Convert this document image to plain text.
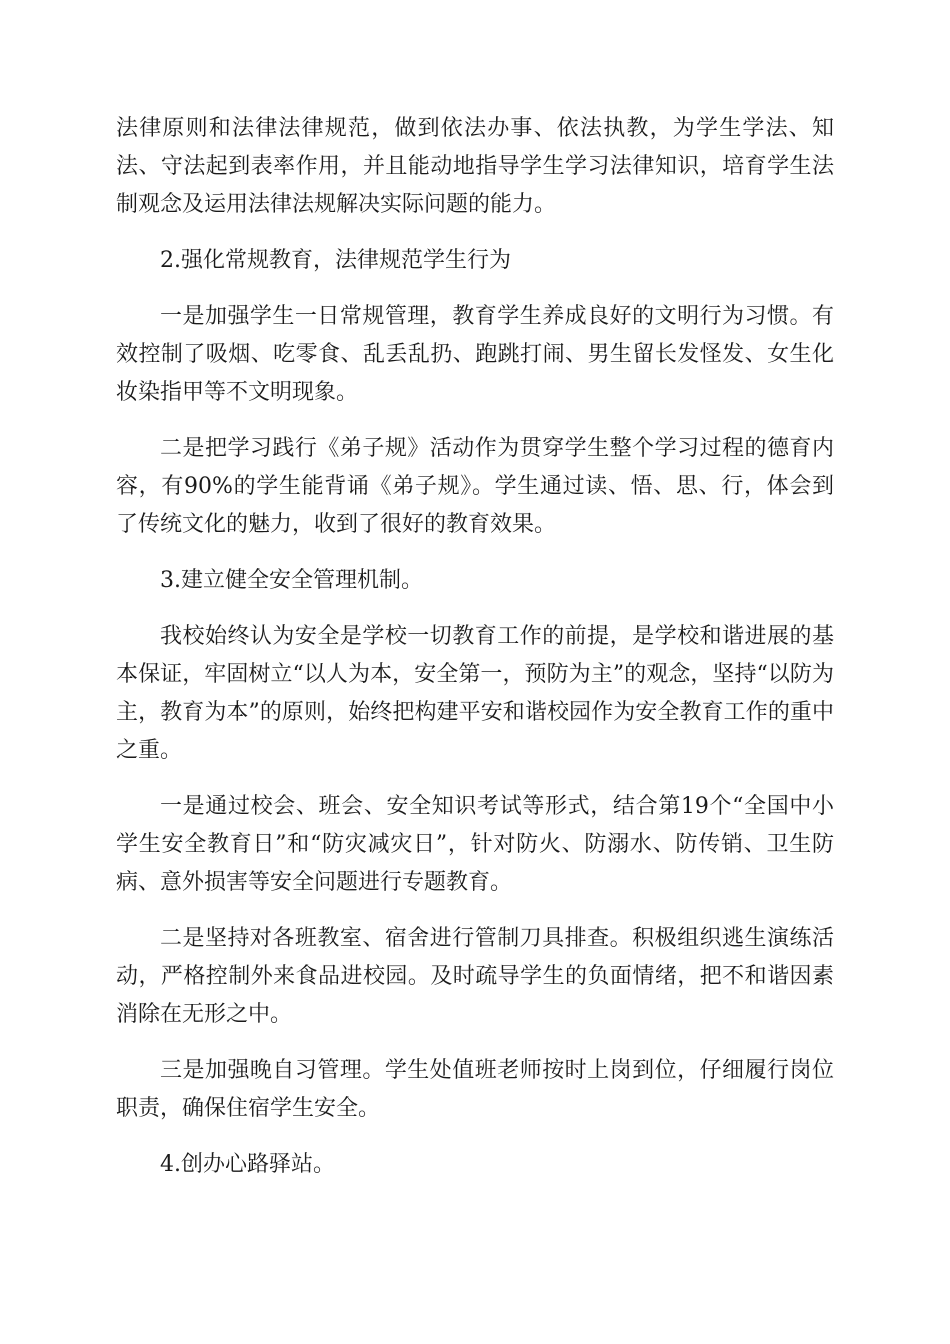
法律原则和法律法律规范，做到依法办事、依法执教，为学生学法、知法、守法起到表率作用，并且能动地指导学生学习法律知识，培育学生法制观念及运用法律法规解决实际问题的能力。

2.强化常规教育，法律规范学生行为

一是加强学生一日常规管理，教育学生养成良好的文明行为习惯。有效控制了吸烟、吃零食、乱丢乱扔、跑跳打闹、男生留长发怪发、女生化妆染指甲等不文明现象。

二是把学习践行《弟子规》活动作为贯穿学生整个学习过程的德育内容，有90%的学生能背诵《弟子规》。学生通过读、悟、思、行，体会到了传统文化的魅力，收到了很好的教育效果。

3.建立健全安全管理机制。

我校始终认为安全是学校一切教育工作的前提，是学校和谐进展的基本保证，牢固树立“以人为本，安全第一，预防为主”的观念，坚持“以防为主，教育为本”的原则，始终把构建平安和谐校园作为安全教育工作的重中之重。

一是通过校会、班会、安全知识考试等形式，结合第19个“全国中小学生安全教育日”和“防灾减灾日”，针对防火、防溺水、防传销、卫生防病、意外损害等安全问题进行专题教育。

二是坚持对各班教室、宿舍进行管制刀具排查。积极组织逃生演练活动，严格控制外来食品进校园。及时疏导学生的负面情绪，把不和谐因素消除在无形之中。

三是加强晚自习管理。学生处值班老师按时上岗到位，仔细履行岗位职责，确保住宿学生安全。

4.创办心路驿站。
